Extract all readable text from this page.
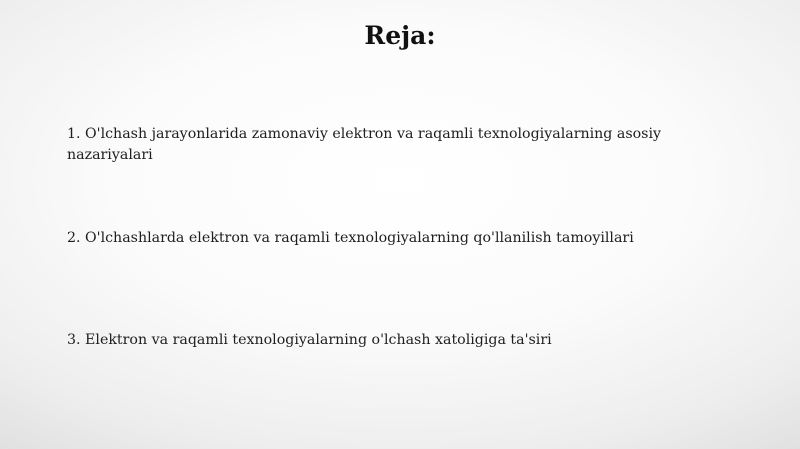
Reja:

1. O'lchash jarayonlarida zamonaviy elektron va raqamli texnologiyalarning asosiy nazariyalari

2. O'lchashlarda elektron va raqamli texnologiyalarning qo'llanilish tamoyillari

3. Elektron va raqamli texnologiyalarning o'lchash xatoligiga ta'siri
